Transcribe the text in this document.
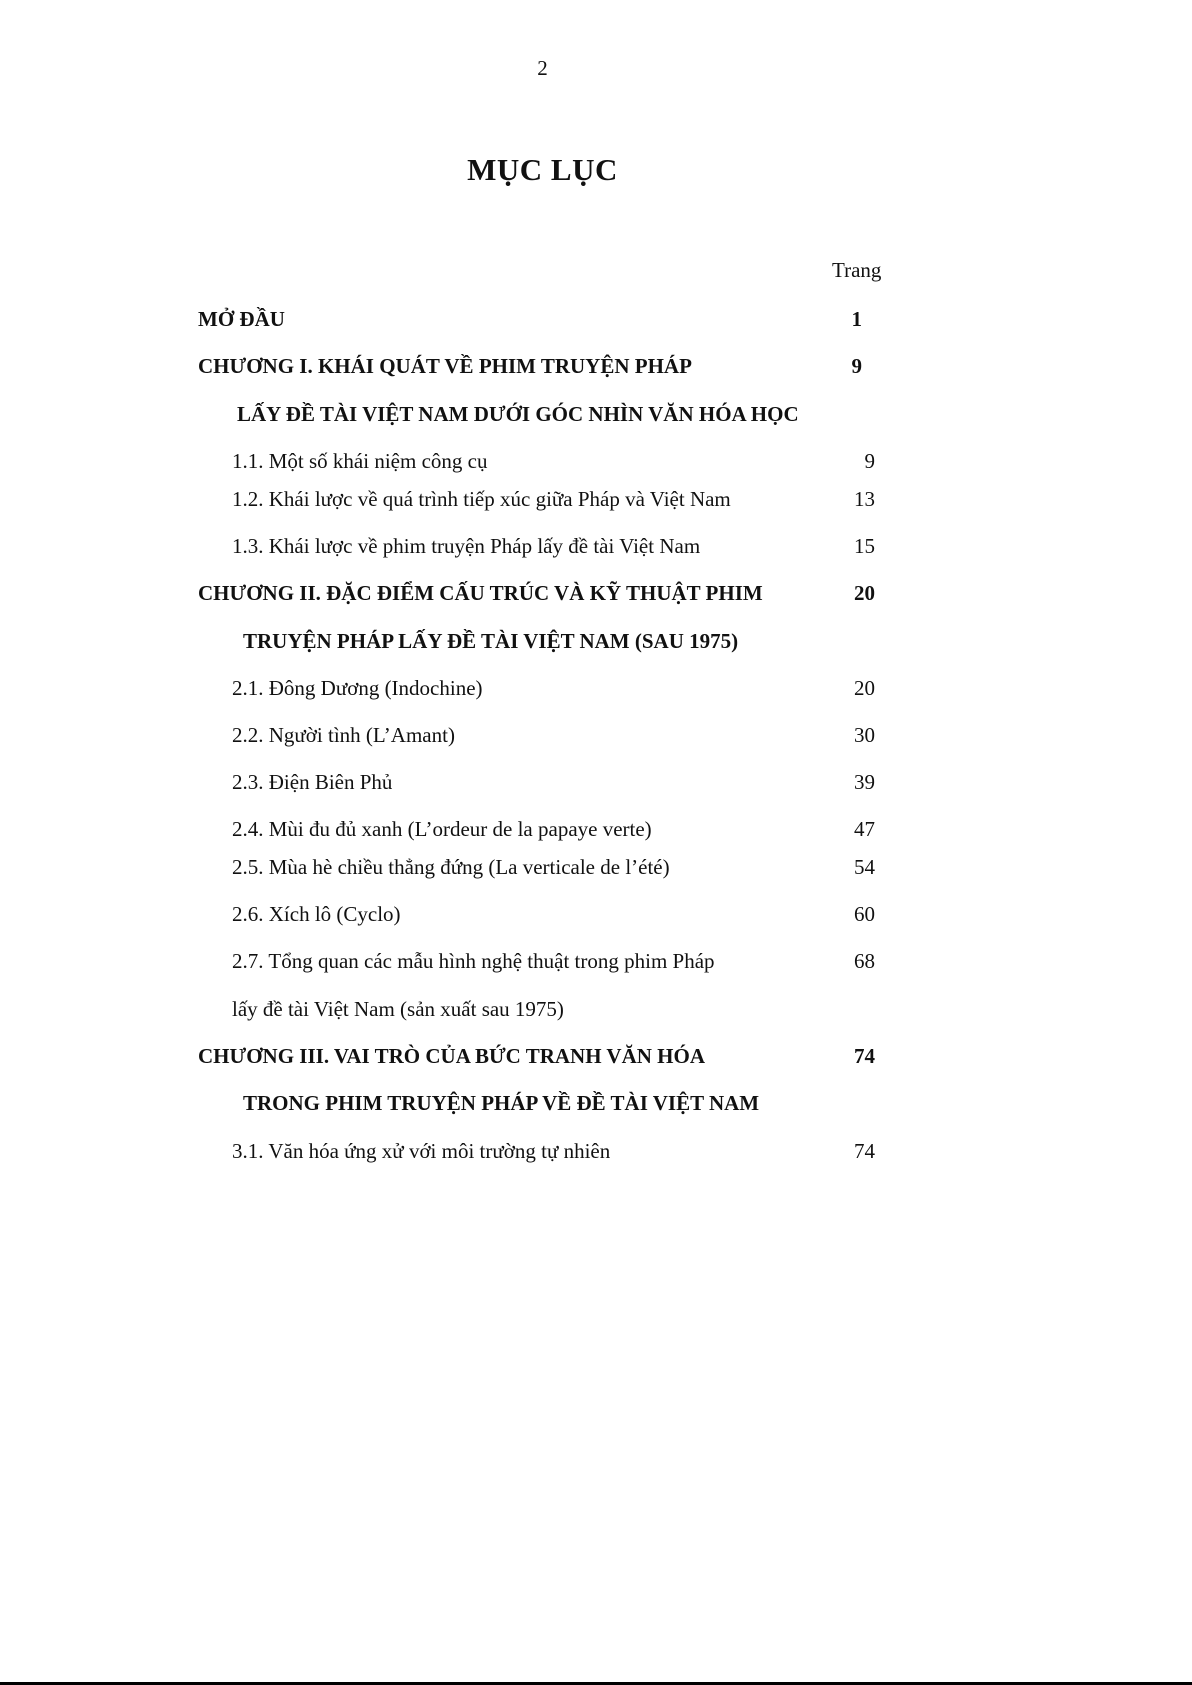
2
MỤC LỤC
Trang
MỞ ĐẦU	1
CHƯƠNG I. KHÁI QUÁT VỀ PHIM TRUYỆN PHÁP	9
LẤY ĐỀ TÀI VIỆT NAM DƯỚI GÓC NHÌN VĂN HÓA HỌC
1.1. Một số khái niệm công cụ	9
1.2. Khái lược về quá trình tiếp xúc giữa Pháp và Việt Nam	13
1.3. Khái lược về phim truyện Pháp lấy đề tài Việt Nam	15
CHƯƠNG II. ĐẶC ĐIỂM CẤU TRÚC VÀ KỸ THUẬT PHIM	20
TRUYỆN PHÁP LẤY ĐỀ TÀI VIỆT NAM (SAU 1975)
2.1. Đông Dương (Indochine)	20
2.2. Người tình (L’Amant)	30
2.3. Điện Biên Phủ	39
2.4. Mùi đu đủ xanh (L’ordeur de la papaye verte)	47
2.5. Mùa hè chiều thẳng đứng (La verticale de l’été)	54
2.6. Xích lô (Cyclo)	60
2.7. Tổng quan các mẫu hình nghệ thuật trong phim Pháp	68
lấy đề tài Việt Nam (sản xuất sau 1975)
CHƯƠNG III. VAI TRÒ CỦA BỨC TRANH VĂN HÓA	74
TRONG PHIM TRUYỆN PHÁP VỀ ĐỀ TÀI VIỆT NAM
3.1. Văn hóa ứng xử với môi trường tự nhiên	74
